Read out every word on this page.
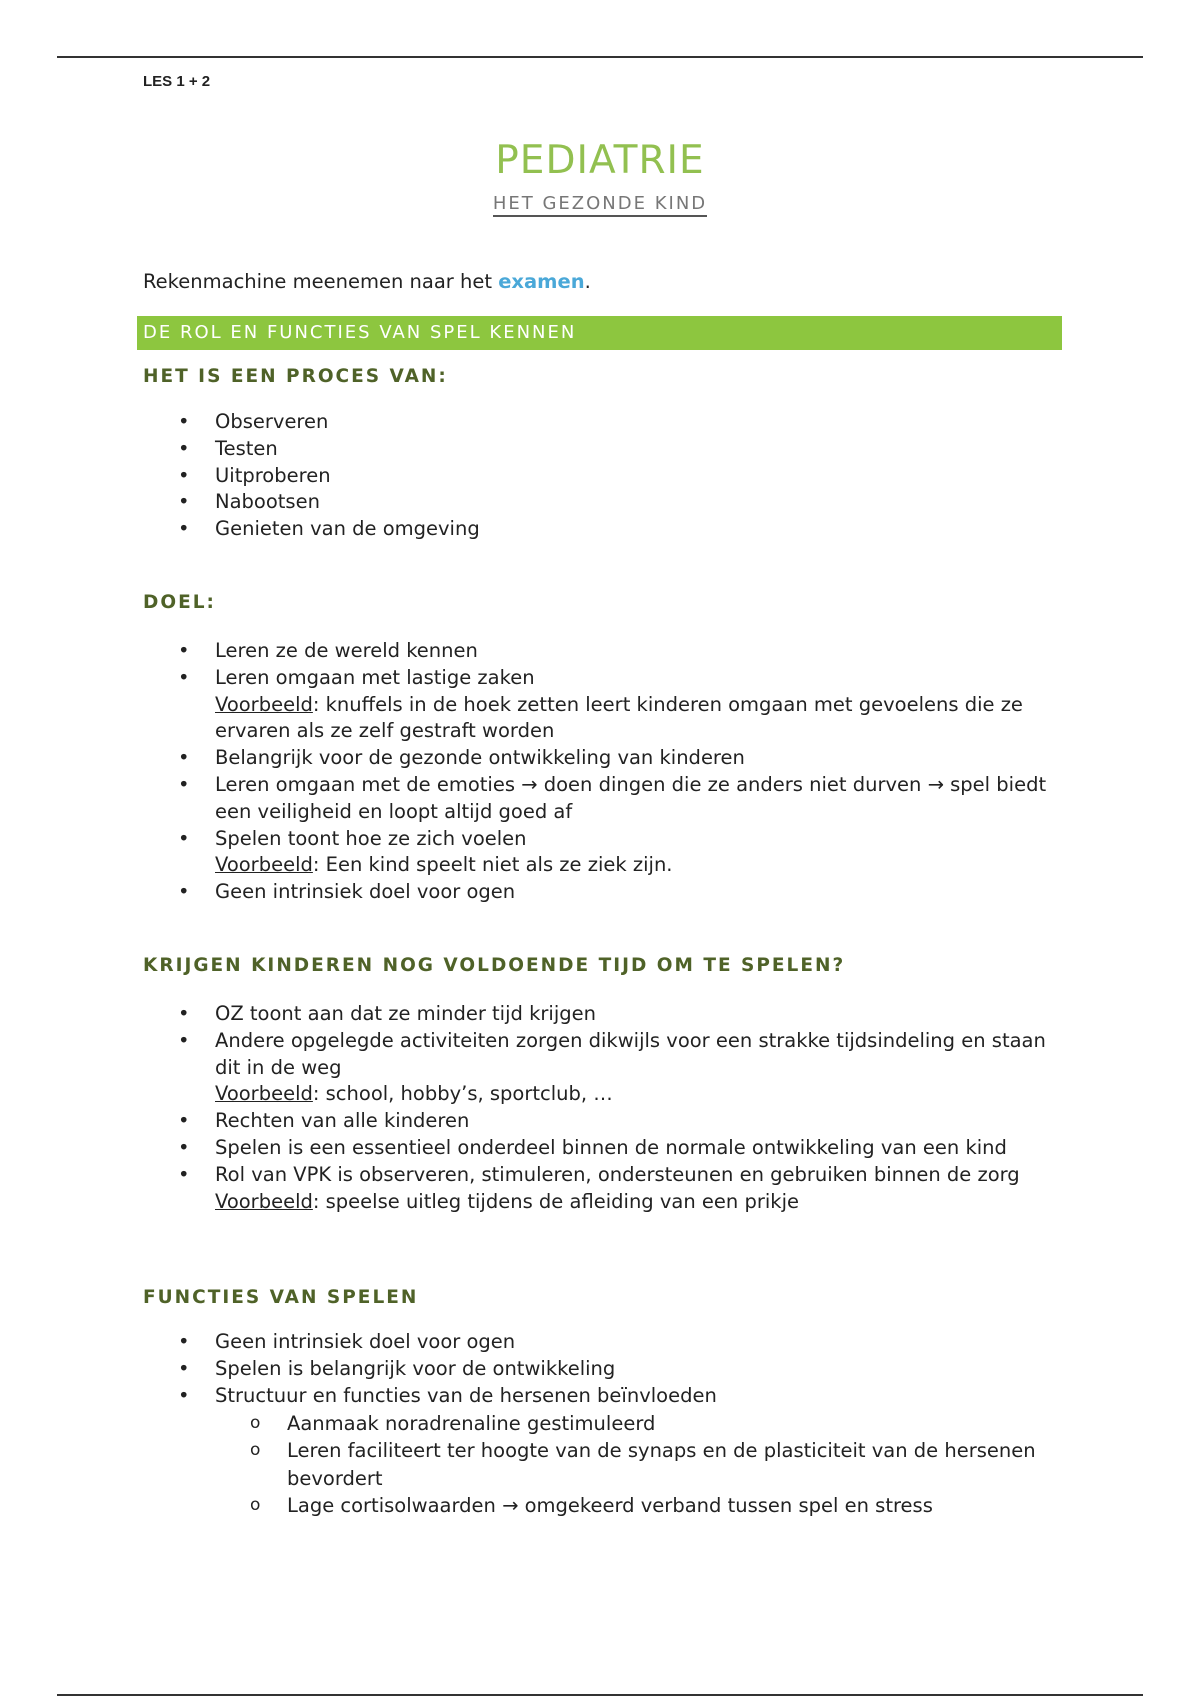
LES 1 + 2
PEDIATRIE
HET GEZONDE KIND

Rekenmachine meenemen naar het examen.

DE ROL EN FUNCTIES VAN SPEL KENNEN
HET IS EEN PROCES VAN:
• Observeren
• Testen
• Uitproberen
• Nabootsen
• Genieten van de omgeving
DOEL:
• Leren ze de wereld kennen
• Leren omgaan met lastige zaken
Voorbeeld: knuffels in de hoek zetten leert kinderen omgaan met gevoelens die ze ervaren als ze zelf gestraft worden
• Belangrijk voor de gezonde ontwikkeling van kinderen
• Leren omgaan met de emoties → doen dingen die ze anders niet durven → spel biedt een veiligheid en loopt altijd goed af
• Spelen toont hoe ze zich voelen
Voorbeeld: Een kind speelt niet als ze ziek zijn.
• Geen intrinsiek doel voor ogen
KRIJGEN KINDEREN NOG VOLDOENDE TIJD OM TE SPELEN?
• OZ toont aan dat ze minder tijd krijgen
• Andere opgelegde activiteiten zorgen dikwijls voor een strakke tijdsindeling en staan dit in de weg
Voorbeeld: school, hobby’s, sportclub, …
• Rechten van alle kinderen
• Spelen is een essentieel onderdeel binnen de normale ontwikkeling van een kind
• Rol van VPK is observeren, stimuleren, ondersteunen en gebruiken binnen de zorg
Voorbeeld: speelse uitleg tijdens de afleiding van een prikje
FUNCTIES VAN SPELEN
• Geen intrinsiek doel voor ogen
• Spelen is belangrijk voor de ontwikkeling
• Structuur en functies van de hersenen beïnvloeden
o Aanmaak noradrenaline gestimuleerd
o Leren faciliteert ter hoogte van de synaps en de plasticiteit van de hersenen bevordert
o Lage cortisolwaarden → omgekeerd verband tussen spel en stress
